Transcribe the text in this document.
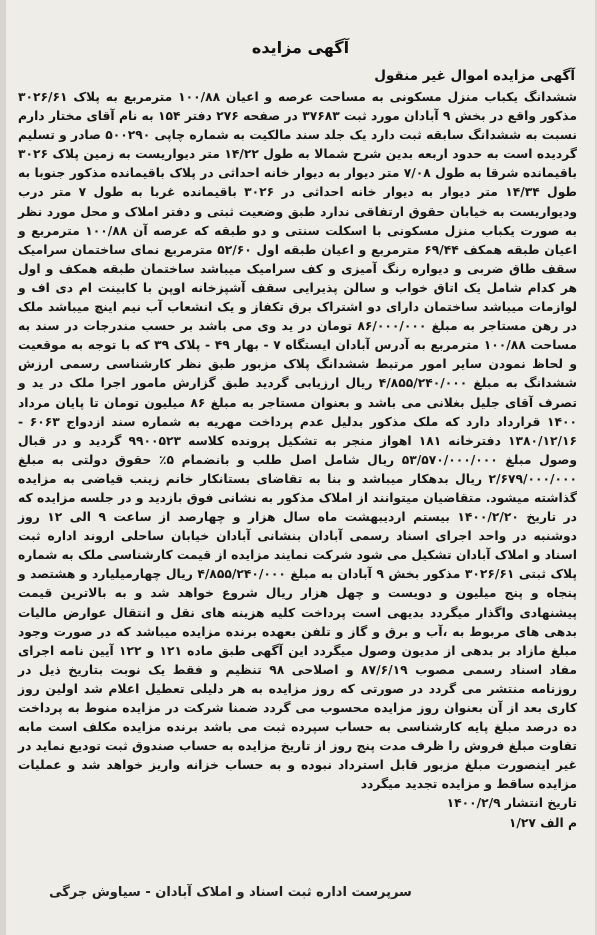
آگهی مزایده
آگهی مزایده اموال غیر منقول
ششدانگ یکباب منزل مسکونی به مساحت عرصه و اعیان ۱۰۰/۸۸ مترمربع به پلاک ۳۰۲۶/۶۱ مذکور واقع در بخش ۹ آبادان مورد ثبت ۳۷۶۸۳ در صفحه ۲۷۶ دفتر ۱۵۴ به نام آقای مختار دارم نسبت به ششدانگ سابقه ثبت دارد یک جلد سند مالکیت به شماره چاپی ۵۰۰۲۹۰ صادر و تسلیم گردیده است به حدود اربعه بدین شرح شمالا به طول ۱۴/۲۲ متر دیواریست به زمین پلاک ۳۰۲۶ باقیمانده شرقا به طول ۷/۰۸ متر دیوار به دیوار خانه احداثی در پلاک باقیمانده مذکور جنوبا به طول ۱۴/۳۴ متر دیوار به دیوار خانه احداثی در ۳۰۲۶ باقیمانده غربا به طول ۷ متر درب ودیواریست به خیابان حقوق ارتفاقی ندارد طبق وضعیت ثبتی و دفتر املاک و محل مورد نظر به صورت یکباب منزل مسکونی با اسکلت سنتی و دو طبقه که عرصه آن ۱۰۰/۸۸ مترمربع و اعیان طبقه همکف ۶۹/۴۴ مترمربع و اعیان طبقه اول ۵۲/۶۰ مترمربع نمای ساختمان سرامیک سقف طاق ضربی و دیواره رنگ آمیزی و کف سرامیک میباشد ساختمان طبقه همکف و اول هر کدام شامل یک اتاق خواب و سالن پذیرایی سقف آشپزخانه اوپن با کابینت ام دی اف و لوازمات میباشد ساختمان دارای دو اشتراک برق تکفاز و یک انشعاب آب نیم اینچ میباشد ملک در رهن مستاجر به مبلغ ۸۶/۰۰۰/۰۰۰ تومان در ید وی می باشد بر حسب مندرجات در سند به مساحت ۱۰۰/۸۸ مترمربع به آدرس آبادان ایستگاه ۷ - بهار ۴۹ - پلاک ۳۹ که با توجه به موقعیت و لحاظ نمودن سایر امور مرتبط ششدانگ پلاک مزبور طبق نظر کارشناسی رسمی ارزش ششدانگ به مبلغ ۴/۸۵۵/۲۴۰/۰۰۰ ریال ارزیابی گردید طبق گزارش مامور اجرا ملک در ید و تصرف آقای جلیل بغلانی می باشد و بعنوان مستاجر به مبلغ ۸۶ میلیون تومان تا پایان مرداد ۱۴۰۰ قرارداد دارد که ملک مذکور بدلیل عدم پرداخت مهریه به شماره سند ازدواج ۶۰۶۳ - ۱۳۸۰/۱۲/۱۶ دفترخانه ۱۸۱ اهواز منجر به تشکیل پرونده کلاسه ۹۹۰۰۵۲۳ گردید و در قبال وصول مبلغ ۵۳/۵۷۰/۰۰۰/۰۰۰ ریال شامل اصل طلب و بانضمام ۵٪ حقوق دولتی به مبلغ ۲/۶۷۹/۰۰۰/۰۰۰ ریال بدهکار میباشد و بنا به تقاضای بستانکار خانم زینب قیاضی به مزایده گذاشته میشود. متقاضیان میتوانند از املاک مذکور به نشانی فوق بازدید و در جلسه مزایده که در تاریخ ۱۴۰۰/۲/۲۰ بیستم اردیبهشت ماه سال هزار و چهارصد از ساعت ۹ الی ۱۲ روز دوشنبه در واحد اجرای اسناد رسمی آبادان بنشانی آبادان خیابان ساحلی اروند اداره ثبت اسناد و املاک آبادان تشکیل می شود شرکت نمایند مزایده از قیمت کارشناسی ملک به شماره پلاک ثبتی ۳۰۲۶/۶۱ مذکور بخش ۹ آبادان به مبلغ ۴/۸۵۵/۲۴۰/۰۰۰ ریال چهارمیلیارد و هشتصد و پنجاه و پنج میلیون و دویست و چهل هزار ریال شروع خواهد شد و به بالاترین قیمت پیشنهادی واگذار میگردد بدیهی است پرداخت کلیه هزینه های نقل و انتقال عوارض مالیات بدهی های مربوط به ،آب و برق و گاز و تلفن بعهده برنده مزایده میباشد که در صورت وجود مبلغ مازاد بر بدهی از مدیون وصول میگردد این آگهی طبق ماده ۱۲۱ و ۱۲۲ آیین نامه اجرای مفاد اسناد رسمی مصوب ۸۷/۶/۱۹ و اصلاحی ۹۸ تنظیم و فقط یک نوبت بتاریخ ذیل در روزنامه منتشر می گردد در صورتی که روز مزایده به هر دلیلی تعطیل اعلام شد اولین روز کاری بعد از آن بعنوان روز مزایده محسوب می گردد ضمنا شرکت در مزایده منوط به پرداخت ده درصد مبلغ پایه کارشناسی به حساب سپرده ثبت می باشد برنده مزایده مکلف است مابه تفاوت مبلغ فروش را ظرف مدت پنج روز از تاریخ مزایده به حساب صندوق ثبت تودیع نماید در غیر اینصورت مبلغ مزبور قابل استرداد نبوده و به حساب خزانه واریز خواهد شد و عملیات مزایده ساقط و مزایده تجدید میگردد
تاریخ انتشار ۱۴۰۰/۲/۹
م الف ۱/۲۷
سرپرست اداره ثبت اسناد و املاک آبادان - سیاوش جرگی
